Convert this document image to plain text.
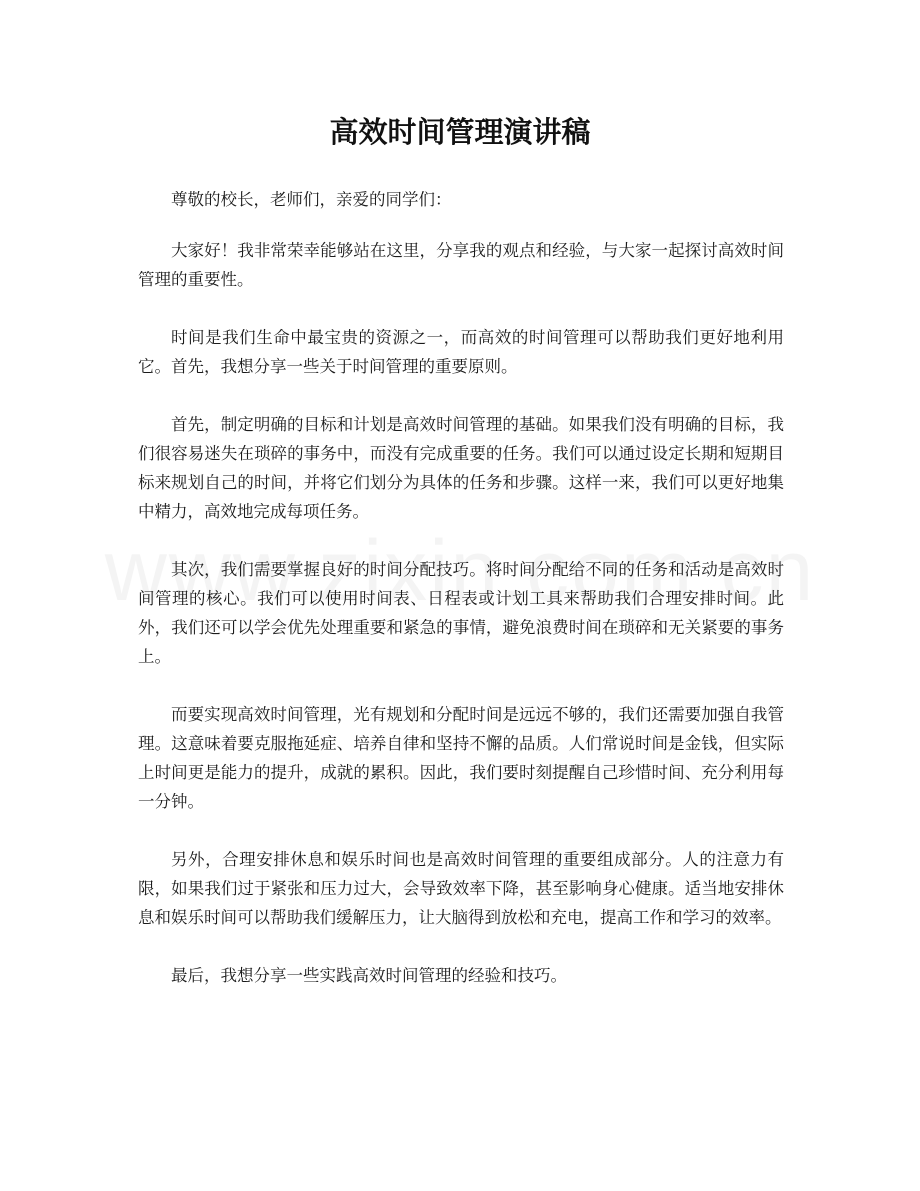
高效时间管理演讲稿

尊敬的校长，老师们，亲爱的同学们：

大家好！我非常荣幸能够站在这里，分享我的观点和经验，与大家一起探讨高效时间管理的重要性。

时间是我们生命中最宝贵的资源之一，而高效的时间管理可以帮助我们更好地利用它。首先，我想分享一些关于时间管理的重要原则。

首先，制定明确的目标和计划是高效时间管理的基础。如果我们没有明确的目标，我们很容易迷失在琐碎的事务中，而没有完成重要的任务。我们可以通过设定长期和短期目标来规划自己的时间，并将它们划分为具体的任务和步骤。这样一来，我们可以更好地集中精力，高效地完成每项任务。

其次，我们需要掌握良好的时间分配技巧。将时间分配给不同的任务和活动是高效时间管理的核心。我们可以使用时间表、日程表或计划工具来帮助我们合理安排时间。此外，我们还可以学会优先处理重要和紧急的事情，避免浪费时间在琐碎和无关紧要的事务上。

而要实现高效时间管理，光有规划和分配时间是远远不够的，我们还需要加强自我管理。这意味着要克服拖延症、培养自律和坚持不懈的品质。人们常说时间是金钱，但实际上时间更是能力的提升，成就的累积。因此，我们要时刻提醒自己珍惜时间、充分利用每一分钟。

另外，合理安排休息和娱乐时间也是高效时间管理的重要组成部分。人的注意力有限，如果我们过于紧张和压力过大，会导致效率下降，甚至影响身心健康。适当地安排休息和娱乐时间可以帮助我们缓解压力，让大脑得到放松和充电，提高工作和学习的效率。

最后，我想分享一些实践高效时间管理的经验和技巧。
